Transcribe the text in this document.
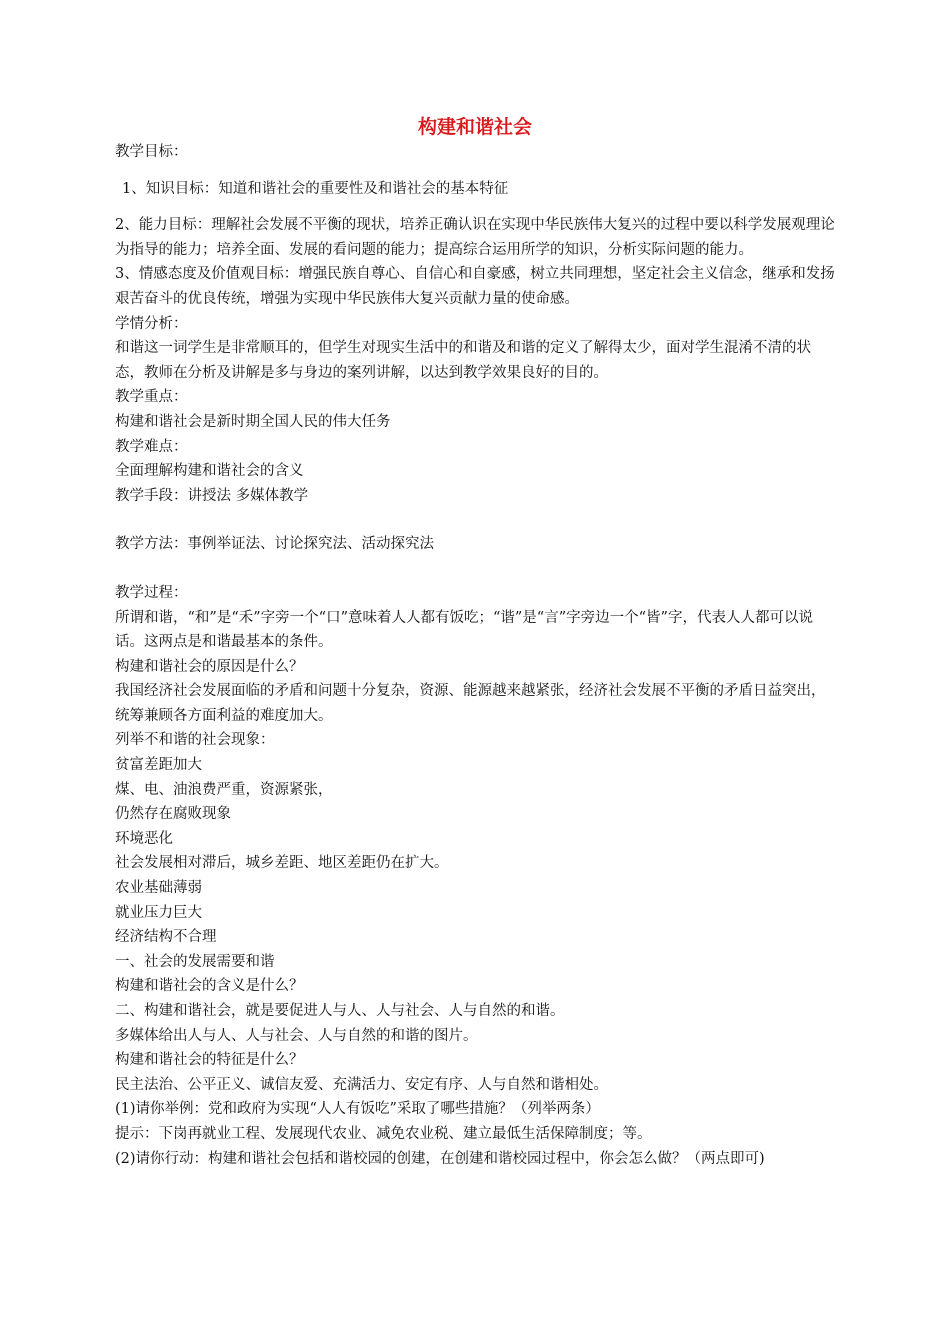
构建和谐社会

教学目标：

1、知识目标：知道和谐社会的重要性及和谐社会的基本特征

2、能力目标：理解社会发展不平衡的现状，培养正确认识在实现中华民族伟大复兴的过程中要以科学发展观理论为指导的能力；培养全面、发展的看问题的能力；提高综合运用所学的知识，分析实际问题的能力。

3、情感态度及价值观目标：增强民族自尊心、自信心和自豪感，树立共同理想，坚定社会主义信念，继承和发扬艰苦奋斗的优良传统，增强为实现中华民族伟大复兴贡献力量的使命感。

学情分析：

和谐这一词学生是非常顺耳的，但学生对现实生活中的和谐及和谐的定义了解得太少，面对学生混淆不清的状态，教师在分析及讲解是多与身边的案列讲解，以达到教学效果良好的目的。

教学重点：

构建和谐社会是新时期全国人民的伟大任务

教学难点：

全面理解构建和谐社会的含义

教学手段：讲授法 多媒体教学

教学方法：事例举证法、讨论探究法、活动探究法

教学过程：

所谓和谐，“和”是“禾”字旁一个“口”意味着人人都有饭吃；“谐”是“言”字旁边一个“皆”字，代表人人都可以说话。这两点是和谐最基本的条件。

构建和谐社会的原因是什么？

我国经济社会发展面临的矛盾和问题十分复杂，资源、能源越来越紧张，经济社会发展不平衡的矛盾日益突出，统筹兼顾各方面利益的难度加大。

列举不和谐的社会现象：

贫富差距加大

煤、电、油浪费严重，资源紧张，

仍然存在腐败现象

环境恶化

社会发展相对滞后，城乡差距、地区差距仍在扩大。

农业基础薄弱

就业压力巨大

经济结构不合理

一、社会的发展需要和谐

构建和谐社会的含义是什么？

二、构建和谐社会，就是要促进人与人、人与社会、人与自然的和谐。

多媒体给出人与人、人与社会、人与自然的和谐的图片。

构建和谐社会的特征是什么？

民主法治、公平正义、诚信友爱、充满活力、安定有序、人与自然和谐相处。

(1)请你举例：党和政府为实现“人人有饭吃”采取了哪些措施？（列举两条）

提示：下岗再就业工程、发展现代农业、减免农业税、建立最低生活保障制度；等。

(2)请你行动：构建和谐社会包括和谐校园的创建，在创建和谐校园过程中，你会怎么做？（两点即可)
